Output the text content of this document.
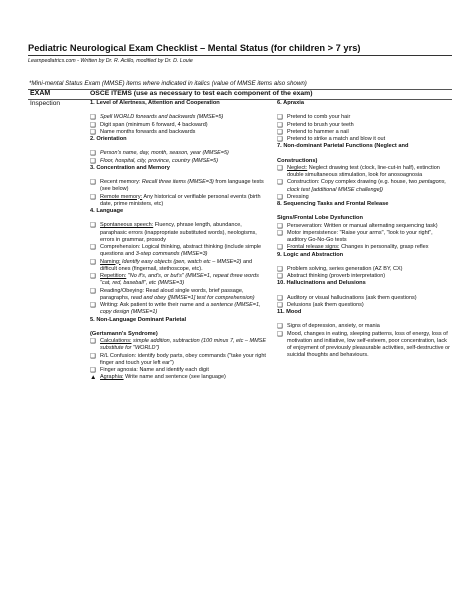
Pediatric Neurological Exam Checklist – Mental Status (for children > 7 yrs)
Learnpediatrics.com - Written by Dr. R. Acillo, modified by Dr. D. Louie
*Mini-mental Status Exam (MMSE) items where indicated in italics (value of MMSE items also shown)
EXAM	OSCE ITEMS (use as necessary to test each component of the exam)
Inspection	1. Level of Alertness, Attention and Cooperation

❑ Spell WORLD forwards and backwards (MMSE=5)
❑ Digit span (minimum 6 forward, 4 backward)
❑ Name months forwards and backwards

2. Orientation

❑ Person's name, day, month, season, year (MMSE=5)
❑ Floor, hospital, city, province, country (MMSE=5)

3. Concentration and Memory

❑ Recent memory: Recall three items (MMSE=3) from language tests (see below)
❑ Remote memory: Any historical or verifiable personal events (birth date, prime ministers, etc)

4. Language

❑ Spontaneous speech: Fluency, phrase length, abundance, paraphasic errors (inappropriate substituted words), neologisms, errors in grammar, prosody
❑ Comprehension: Logical thinking, abstract thinking (include simple questions and 3-step commands (MMSE=3)
❑ Naming: Identify easy objects (pen, watch etc – MMSE=2) and difficult ones (fingernail, stethoscope, etc).
❑ Repetition: "No if's, and's, or but's" (MMSE=1, repeat three words "cat, red, baseball", etc (MMSE=3)
❑ Reading/Obeying: Read aloud single words, brief passage, paragraphs, read and obey ([MMSE=1] test for comprehension)
❑ Writing: Ask patient to write their name and a sentence (MMSE=1, copy design (MMSE=1)

5. Non-Language Dominant Parietal

(Gertsmann's Syndrome)

❑ Calculations: simple addition, subtraction (100 minus 7, etc – MMSE substitute for "WORLD")
❑ R/L Confusion: identify body parts, obey commands ("take your right finger and touch your left ear")
❑ Finger agnosia: Name and identify each digit
▲ Agraphia: Write name and sentence (see language)

6. Apraxia

❑ Pretend to comb your hair
❑ Pretend to brush your teeth
❑ Pretend to hammer a nail
❑ Pretend to strike a match and blow it out

7. Non-dominant Parietal Functions (Neglect and

Constructions)

❑ Neglect: Neglect drawing test (clock, line-cut-in half), extinction double simultaneous stimulation, look for anosoagnosia
❑ Construction: Copy complex drawing (e.g. house, two pentagons, clock test [additional MMSE challenge])
❑ Dressing

8. Sequencing Tasks and Frontal Release

Signs/Frontal Lobe Dysfunction

❑ Perseveration: Written or manual alternating sequencing task)
❑ Motor impersistence: "Raise your arms", "look to your right", auditory Go-No-Go tests
❑ Frontal release signs: Changes in personality, grasp reflex

9. Logic and Abstraction

❑ Problem solving, series generation (AZ BY, CX)
❑ Abstract thinking (proverb interpretation)

10. Hallucinations and Delusions

❑ Auditory or visual hallucinations (ask them questions)
❑ Delusions (ask them questions)

11. Mood

❑ Signs of depression, anxiety, or mania
❑ Mood, changes in eating, sleeping patterns, loss of energy, loss of motivation and initiative, low self-esteem, poor concentration, lack of enjoyment of previously pleasurable activities, self-destructive or suicidal thoughts and behaviours.
